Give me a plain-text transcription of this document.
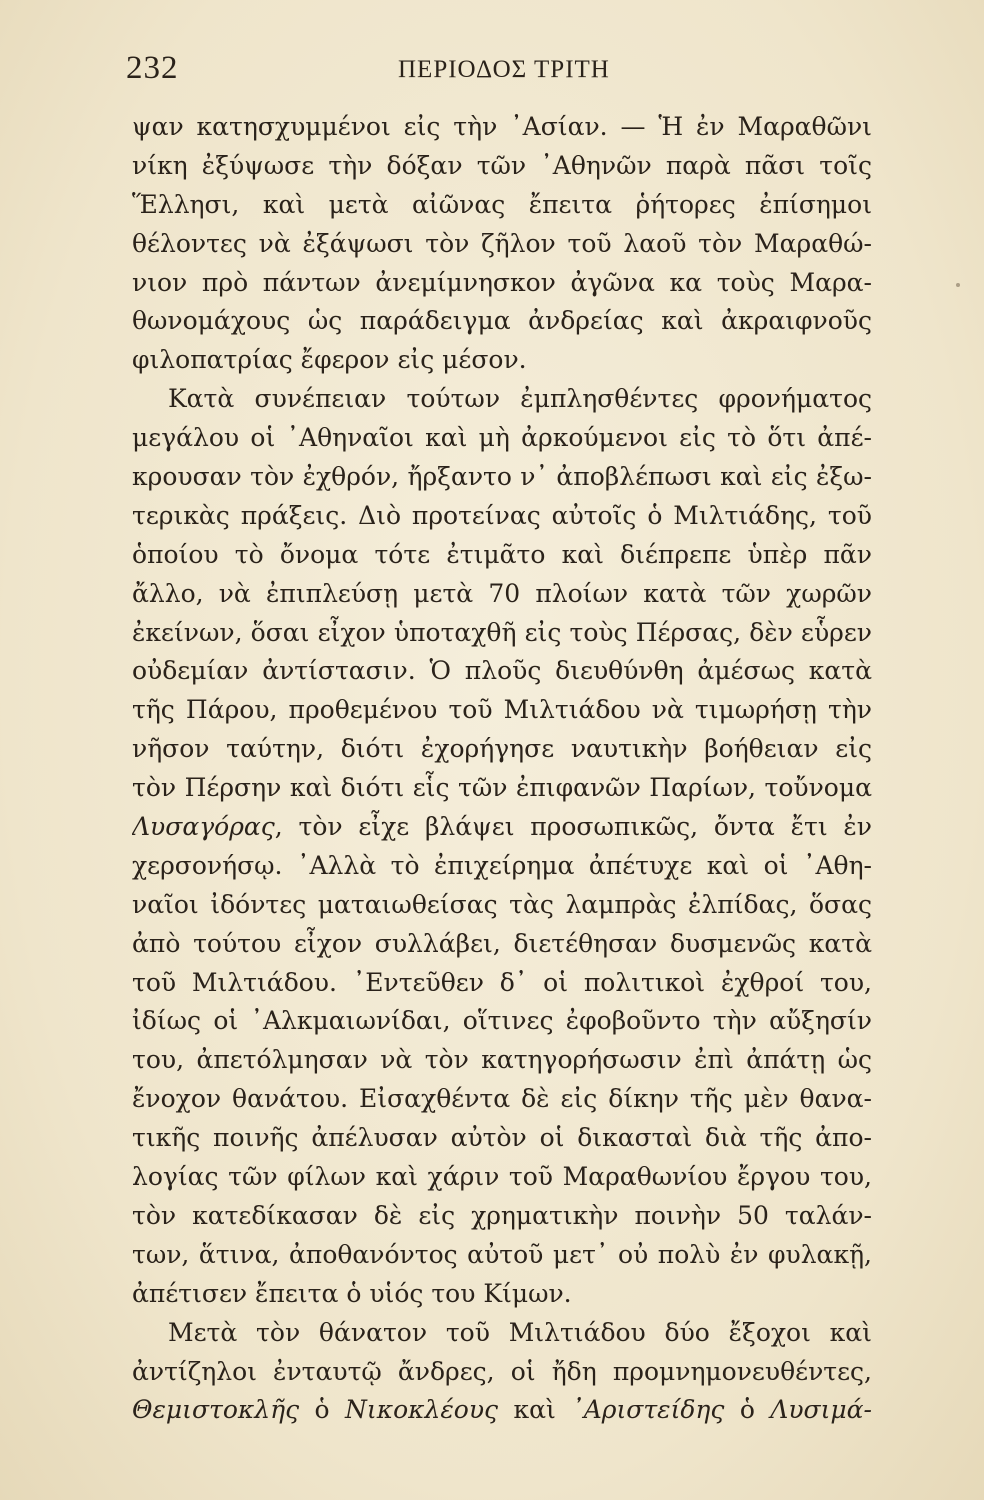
232	ΠΕΡΙΟΔΟΣ ΤΡΙΤΗ
ψαν κατησχυμμένοι εἰς τὴν ᾿Ασίαν. — Ἡ ἐν Μαραθῶνι
νίκη ἐξύψωσε τὴν δόξαν τῶν ᾿Αθηνῶν παρὰ πᾶσι τοῖς
Ἕλλησι, καὶ μετὰ αἰῶνας ἔπειτα ῥήτορες ἐπίσημοι
θέλοντες νὰ ἐξάψωσι τὸν ζῆλον τοῦ λαοῦ τὸν Μαραθώ-
νιον πρὸ πάντων ἀνεμίμνησκον ἀγῶνα κα τοὺς Μαρα-
θωνομάχους ὡς παράδειγμα ἀνδρείας καὶ ἀκραιφνοῦς
φιλοπατρίας ἔφερον εἰς μέσον.
Κατὰ συνέπειαν τούτων ἐμπλησθέντες φρονήματος
μεγάλου οἱ ᾿Αθηναῖοι καὶ μὴ ἀρκούμενοι εἰς τὸ ὅτι ἀπέ-
κρουσαν τὸν ἐχθρόν, ἤρξαντο ν᾿ ἀποβλέπωσι καὶ εἰς ἐξω-
τερικὰς πράξεις. Διὸ προτείνας αὐτοῖς ὁ Μιλτιάδης, τοῦ
ὁποίου τὸ ὄνομα τότε ἐτιμᾶτο καὶ διέπρεπε ὑπὲρ πᾶν
ἄλλο, νὰ ἐπιπλεύσῃ μετὰ 70 πλοίων κατὰ τῶν χωρῶν
ἐκείνων, ὅσαι εἶχον ὑποταχθῆ εἰς τοὺς Πέρσας, δὲν εὗρεν
οὐδεμίαν ἀντίστασιν. Ὁ πλοῦς διευθύνθη ἀμέσως κατὰ
τῆς Πάρου, προθεμένου τοῦ Μιλτιάδου νὰ τιμωρήσῃ τὴν
νῆσον ταύτην, διότι ἐχορήγησε ναυτικὴν βοήθειαν εἰς
τὸν Πέρσην καὶ διότι εἷς τῶν ἐπιφανῶν Παρίων, τοὔνομα
Λυσαγόρας, τὸν εἶχε βλάψει προσωπικῶς, ὄντα ἔτι ἐν
χερσονήσῳ. ᾿Αλλὰ τὸ ἐπιχείρημα ἀπέτυχε καὶ οἱ ᾿Αθη-
ναῖοι ἰδόντες ματαιωθείσας τὰς λαμπρὰς ἐλπίδας, ὅσας
ἀπὸ τούτου εἶχον συλλάβει, διετέθησαν δυσμενῶς κατὰ
τοῦ Μιλτιάδου. ᾿Εντεῦθεν δ᾿ οἱ πολιτικοὶ ἐχθροί του,
ἰδίως οἱ ᾿Αλκμαιωνίδαι, οἵτινες ἐφοβοῦντο τὴν αὔξησίν
του, ἀπετόλμησαν νὰ τὸν κατηγορήσωσιν ἐπὶ ἀπάτῃ ὡς
ἔνοχον θανάτου. Εἰσαχθέντα δὲ εἰς δίκην τῆς μὲν θανα-
τικῆς ποινῆς ἀπέλυσαν αὐτὸν οἱ δικασταὶ διὰ τῆς ἀπο-
λογίας τῶν φίλων καὶ χάριν τοῦ Μαραθωνίου ἔργου του,
τὸν κατεδίκασαν δὲ εἰς χρηματικὴν ποινὴν 50 ταλάν-
των, ἅτινα, ἀποθανόντος αὐτοῦ μετ᾿ οὐ πολὺ ἐν φυλακῇ,
ἀπέτισεν ἔπειτα ὁ υἱός του Κίμων.
Μετὰ τὸν θάνατον τοῦ Μιλτιάδου δύο ἔξοχοι καὶ
ἀντίζηλοι ἐνταυτῷ ἄνδρες, οἱ ἤδη προμνημονευθέντες,
Θεμιστοκλῆς ὁ Νικοκλέους καὶ ᾿Αριστείδης ὁ Λυσιμά-
